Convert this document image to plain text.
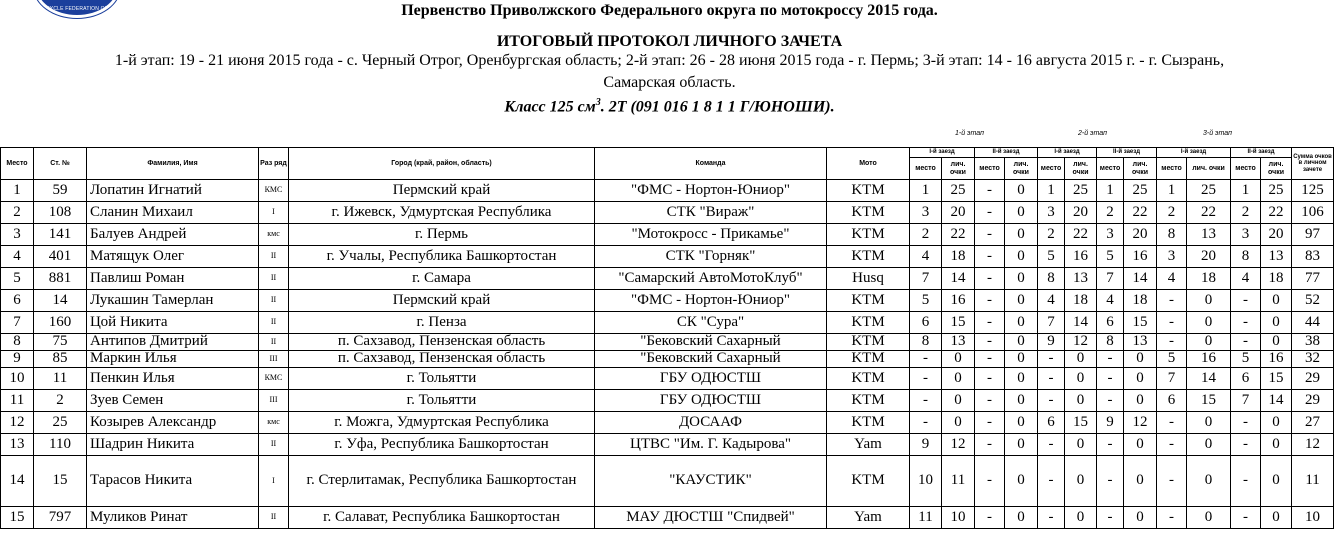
CYCLE FEDERATION OF	Первенство Приволжского Федерального округа по мотокроссу 2015 года.
ИТОГОВЫЙ ПРОТОКОЛ ЛИЧНОГО ЗАЧЕТА
1-й этап: 19 - 21 июня 2015 года - с. Черный Отрог, Оренбургская область; 2-й этап: 26 - 28 июня 2015 года - г. Пермь; 3-й этап: 14 - 16 августа 2015 г. - г. Сызрань,
Самарская область.
Класс 125 $см^3$. 2Т (091 016 1 8 1 1 Г/ЮНОШИ).
1-й этап	2-й этап	3-й этап
Место	Ст. №	Фамилия, Имя	Раз ряд	Город (край, район, область)	Команда	Мото	I-й заезд		II-й заезд		I-й заезд		II-й заезд		I-й заезд		II-й заезд		Сумма очков в личном зачете
							место	лич. очки	место	лич. очки	место	лич. очки	место	лич. очки	место	лич. очки	место	лич. очки	
1	59	Лопатин Игнатий	КМС	Пермский край	"ФМС - Нортон-Юниор"	KTM	1	25	-	0	1	25	1	25	1	25	1	25	125
2	108	Сланин Михаил	I	г. Ижевск, Удмуртская Республика	СТК "Вираж"	KTM	3	20	-	0	3	20	2	22	2	22	2	22	106
3	141	Балуев Андрей	кмс	г. Пермь	"Мотокросс - Прикамье"	KTM	2	22	-	0	2	22	3	20	8	13	3	20	97
4	401	Матящук Олег	II	г. Учалы, Республика Башкортостан	СТК "Горняк"	KTM	4	18	-	0	5	16	5	16	3	20	8	13	83
5	881	Павлиш Роман	II	г. Самара	"Самарский АвтоМотоКлуб"	Husq	7	14	-	0	8	13	7	14	4	18	4	18	77
6	14	Лукашин Тамерлан	II	Пермский край	"ФМС - Нортон-Юниор"	KTM	5	16	-	0	4	18	4	18	-	0	-	0	52
7	160	Цой Никита	II	г. Пенза	СК "Сура"	KTM	6	15	-	0	7	14	6	15	-	0	-	0	44
8	75	Антипов Дмитрий	II	п. Сахзавод, Пензенская область	"Бековский Сахарный	KTM	8	13	-	0	9	12	8	13	-	0	-	0	38
9	85	Маркин Илья	III	п. Сахзавод, Пензенская область	"Бековский Сахарный	KTM	-	0	-	0	-	0	-	0	5	16	5	16	32
10	11	Пенкин Илья	КМС	г. Тольятти	ГБУ ОДЮСТШ	KTM	-	0	-	0	-	0	-	0	7	14	6	15	29
11	2	Зуев Семен	III	г. Тольятти	ГБУ ОДЮСТШ	KTM	-	0	-	0	-	0	-	0	6	15	7	14	29
12	25	Козырев Александр	кмс	г. Можга, Удмуртская Республика	ДОСААФ	KTM	-	0	-	0	6	15	9	12	-	0	-	0	27
13	110	Шадрин Никита	II	г. Уфа, Республика Башкортостан	ЦТВС "Им. Г. Кадырова"	Yam	9	12	-	0	-	0	-	0	-	0	-	0	12
14	15	Тарасов Никита	I	г. Стерлитамак, Республика Башкортостан	"КАУСТИК"	KTM	10	11	-	0	-	0	-	0	-	0	-	0	11
15	797	Муликов Ринат	II	г. Салават, Республика Башкортостан	МАУ ДЮСТШ "Спидвей"	Yam	11	10	-	0	-	0	-	0	-	0	-	0	10
